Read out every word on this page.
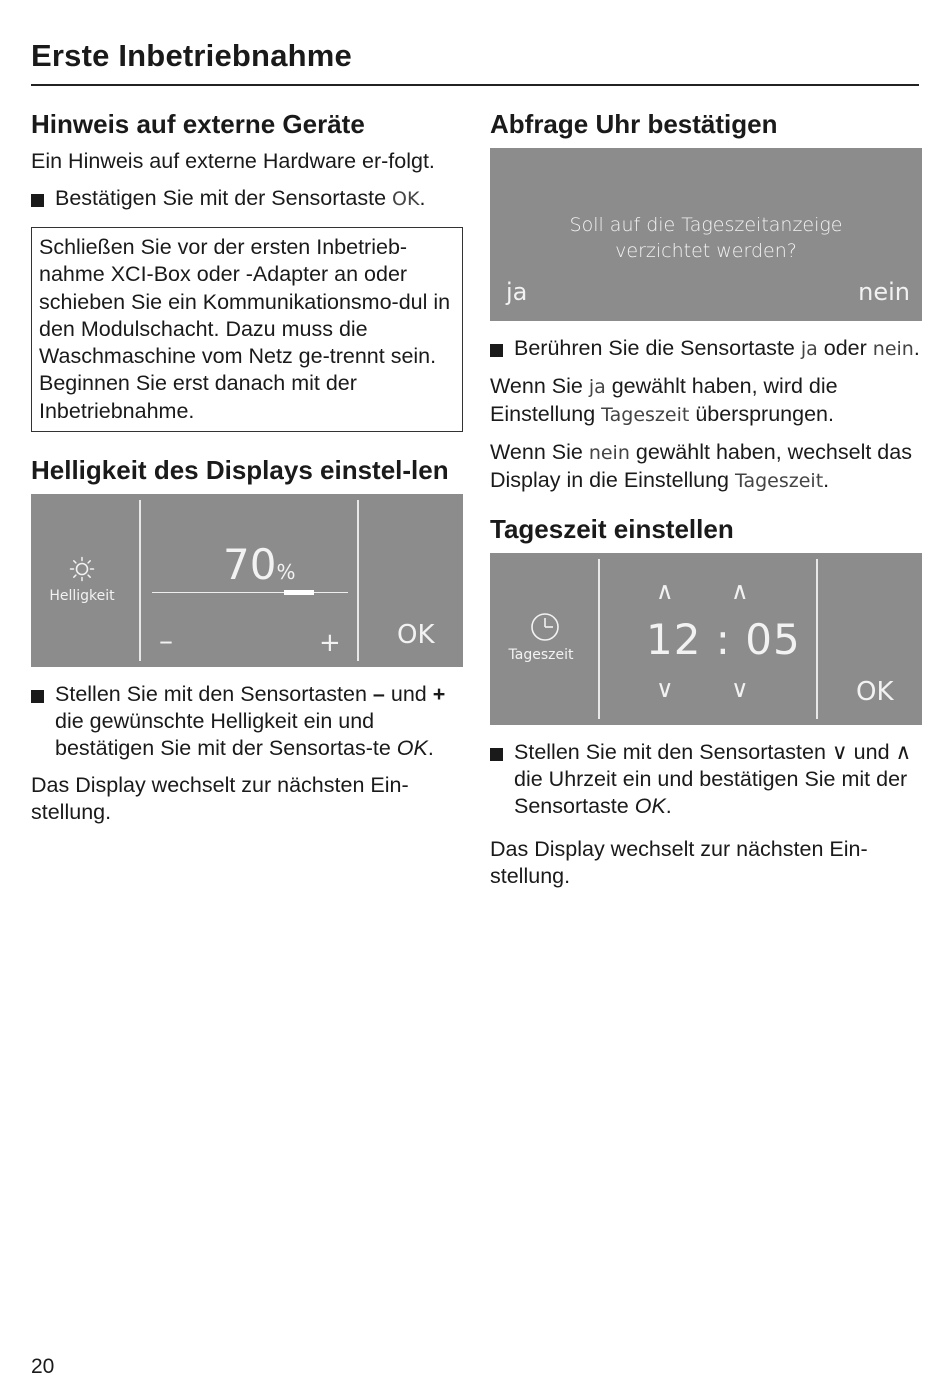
Erste Inbetriebnahme
Hinweis auf externe Geräte

Ein Hinweis auf externe Hardware er-folgt.

Bestätigen Sie mit der Sensortaste OK.
Schließen Sie vor der ersten Inbetrieb-nahme XCI-Box oder -Adapter an oder schieben Sie ein Kommunikationsmo-dul in den Modulschacht. Dazu muss die Waschmaschine vom Netz ge-trennt sein. Beginnen Sie erst danach mit der Inbetriebnahme.
Helligkeit des Displays einstel-len
Helligkeit
70%
–	+ OK
Stellen Sie mit den Sensortasten – und + die gewünschte Helligkeit ein und bestätigen Sie mit der Sensortas-te OK.

Das Display wechselt zur nächsten Ein-stellung.

Abfrage Uhr bestätigen
Soll auf die Tageszeitanzeige
verzichtet werden?
ja	nein
Berühren Sie die Sensortaste ja oder nein.

Wenn Sie ja gewählt haben, wird die Einstellung Tageszeit übersprungen.

Wenn Sie nein gewählt haben, wechselt das Display in die Einstellung Tageszeit.

Tageszeit einstellen
Tageszeit
∧ ∧
12 : 05
∨ ∨	OK
Stellen Sie mit den Sensortasten ∨ und ∧ die Uhrzeit ein und bestätigen Sie mit der Sensortaste OK.

Das Display wechselt zur nächsten Ein-stellung.

20
